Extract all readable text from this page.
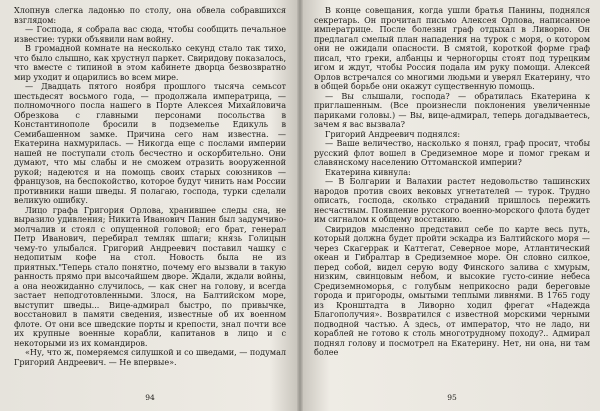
Хлопнув слегка ладонью по столу, она обвела собравшихся взглядом:

— Господа, я собрала вас сюда, чтобы сообщить печальное известие: турки объявили нам войну.

В громадной комнате на несколько секунд стало так тихо, что было слышно, как хрустнул паркет. Свиридову показалось, что вместе с типиной в этом кабинете дворца безвозвратно мир уходит и оцарились во всем мире.

— Двадцать пятого ноября прошлого тысяча семьсот шестьдесят восьмого года, — продолжала императрица, — полномочного посла нашего в Порте Алексея Михайловича Обрезкова с главными персонами посольства в Константинополе бросили в подземелье Едикуль в Семибашенном замке. Причина сего нам известна. — Екатерина нахмурилась. — Никогда еще с послами империи нашей не поступали столь бесчестно и оскорбительно. Они думают, что мы слабы и не сможем отразить вооруженной рукой; надеются и на помощь своих старых союзников — французов, на беспокойство, которое будут чинить нам России противники наши шведы. Я полагаю, господа, турки сделали великую ошибку.

Лицо графа Григория Орлова, хранившее следы сна, не выразило удивления; Никита Иванович Панин был задумчиво-молчалив и стоял с опущенной головой; его брат, генерал Петр Иванович, перебирал темляк шпаги; князь Голицын чему-то улыбался. Григорий Андреевич поставил чашку с недопитым кофе на стол. Новость была не из приятных."Теперь стало понятно, почему его вызвали в такую ранность прямо при высочайшем дворе. Ждали, ждали войны, а она неожиданно случилось, — как снег на голову, и всегда застает неподготовленными. Злося, на Балтийском море, выступит шведы... Вице-адмирал быстро, по привычке, восстановил в памяти сведения, известные об их военном флоте. От они все шведские порты и крепости, знал почти все их крупные военные корабли, капитанов в лицо и с некоторыми из их командиров.

«Ну, что ж, померяемся силушкой и со шведами, — подумал Григорий Андреевич. — Не впервые».

94

В конце совещания, когда ушли братья Панины, поднялся секретарь. Он прочитал письмо Алексея Орлова, написанное императрице. После болезни граф отдыхал в Ливорно. Он предлагал смелый план нападения на турок с моря, о котором они не ожидали опасности. В смятой, короткой форме граф писал, что греки, албанцы и черногорцы стоят под турецким игом и ждут, чтобы Россия подала им руку помощи. Алексей Орлов встречался со многими людьми и уверял Екатерину, что в общей борьбе они окажут существенную помощь.

— Вы слышали, господа? — обратилась Екатерина к приглашенным. (Все произнесли поклонения увеличенные париками головы.) — Вы, вице-адмирал, теперь догадываетесь, зачем я вас вызвала?

Григорий Андреевич поднялся:

— Ваше величество, насколько я понял, граф просит, чтобы русский флот вошел в Средиземное море и помог грекам и славянскому населению Оттоманской империи?

Екатерина кивнула:

— В Болгарии и Валахии растет недовольство ташинских народов против своих вековых угнетателей — турок. Трудно описать, господа, сколько страданий пришлось пережить несчастным. Появление русского военно-морского флота будет им сигналом к общему восстанию.

Свиридов мысленно представил себе по карте весь путь, который должна будет пройти эскадра из Балтийского моря — через Скагеррак и Каттегат, Северное море, Атлантический океан и Гибралтар в Средиземное море. Он словно силкое, перед собой, видел серую воду Финского залива с хмурым, низким, свинцовым небом, и высокие густо-синие небеса Средиземноморья, с голубым неприкосно ради береговые города и пригороды, омытыми теплыми ливнями. В 1765 году из Кронштадта в Ливорно ходил фрегат «Надежда Благополучия». Возвратился с известной морскими черными подводной частью. А здесь, от император, что не ладо, ни кораблей не готово к столь многотрудному походу?.. Адмирал поднял голову и посмотрел на Екатерину. Нет, ни она, ни там более

95
